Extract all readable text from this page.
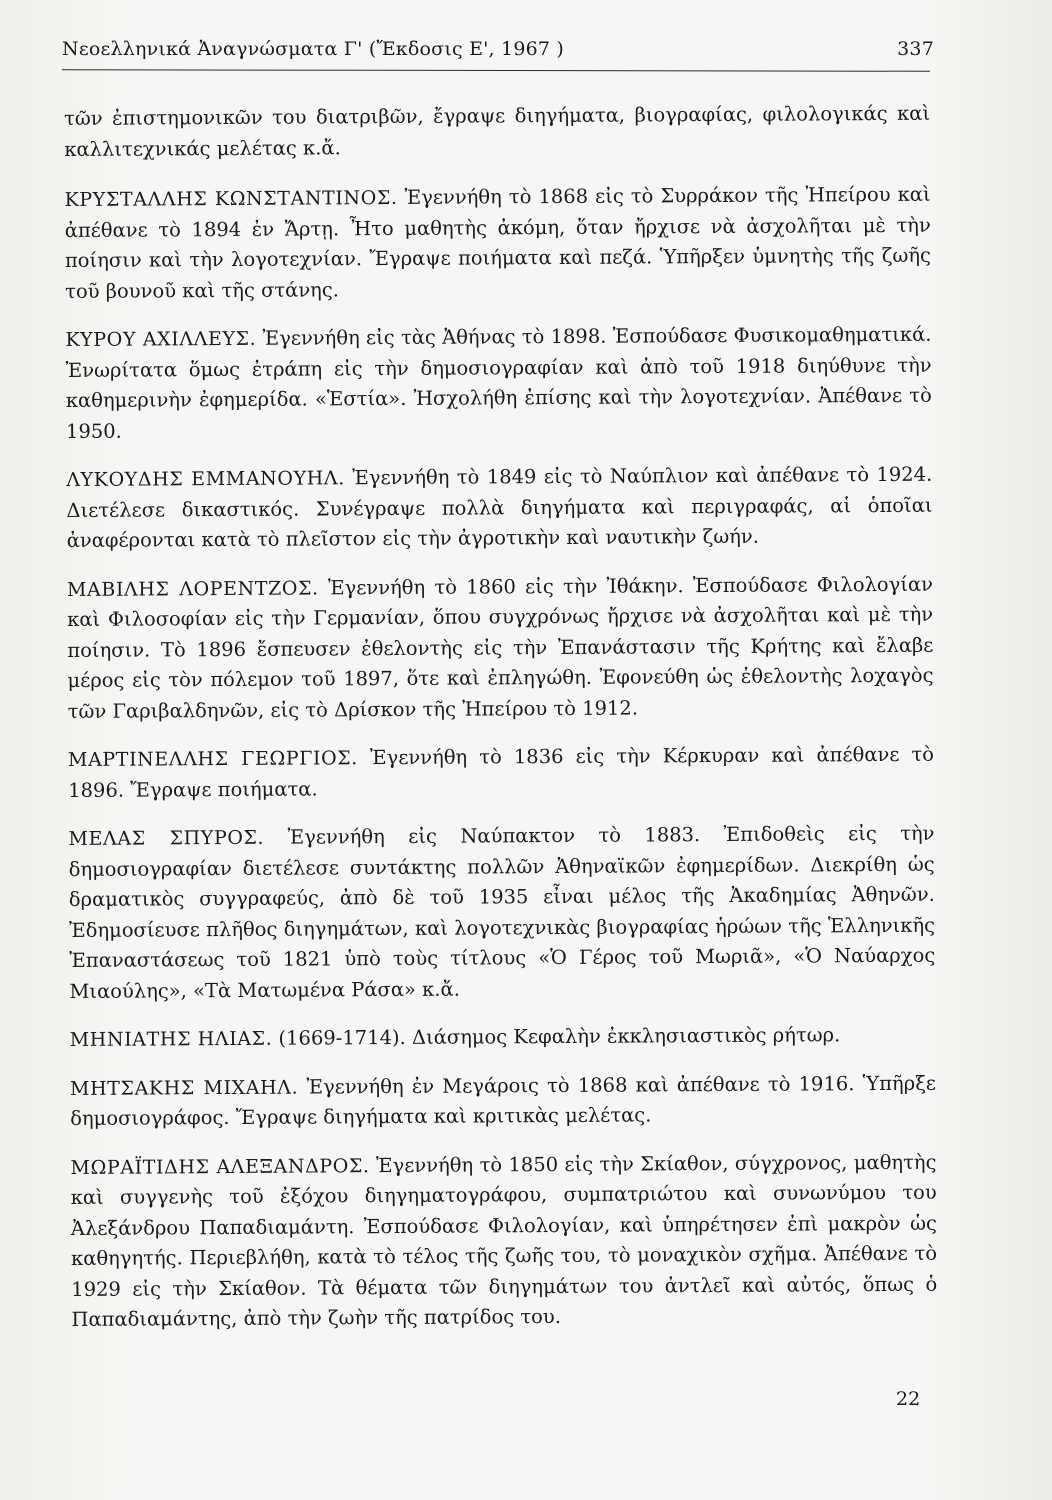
Νεοελληνικά Ἀναγνώσματα Γ' (Ἔκδοσις Ε', 1967 )	337

τῶν ἐπιστημονικῶν του διατριβῶν, ἔγραψε διηγήματα, βιογραφίας, φιλολογικάς καὶ καλλιτεχνικάς μελέτας κ.ἄ.

ΚΡΥΣΤΑΛΛΗΣ ΚΩΝΣΤΑΝΤΙΝΟΣ. Ἐγεννήθη τὸ 1868 εἰς τὸ Συρράκον τῆς Ἠπείρου καὶ ἀπέθανε τὸ 1894 ἐν Ἄρτῃ. Ἦτο μαθητὴς ἀκόμη, ὅταν ἤρχισε νὰ ἀσχολῆται μὲ τὴν ποίησιν καὶ τὴν λογοτεχνίαν. Ἔγραψε ποιήματα καὶ πεζά. Ὑπῆρξεν ὑμνητὴς τῆς ζωῆς τοῦ βουνοῦ καὶ τῆς στάνης.

ΚΥΡΟΥ ΑΧΙΛΛΕΥΣ. Ἐγεννήθη εἰς τὰς Ἀθήνας τὸ 1898. Ἐσπούδασε Φυσικομαθηματικά. Ἐνωρίτατα ὅμως ἐτράπη εἰς τὴν δημοσιογραφίαν καὶ ἀπὸ τοῦ 1918 διηύθυνε τὴν καθημερινὴν ἐφημερίδα. «Ἑστία». Ἠσχολήθη ἐπίσης καὶ τὴν λογοτεχνίαν. Ἀπέθανε τὸ 1950.

ΛΥΚΟΥΔΗΣ ΕΜΜΑΝΟΥΗΛ. Ἐγεννήθη τὸ 1849 εἰς τὸ Ναύπλιον καὶ ἀπέθανε τὸ 1924. Διετέλεσε δικαστικός. Συνέγραψε πολλὰ διηγήματα καὶ περιγραφάς, αἱ ὁποῖαι ἀναφέρονται κατὰ τὸ πλεῖστον εἰς τὴν ἀγροτικὴν καὶ ναυτικὴν ζωήν.

ΜΑΒΙΛΗΣ ΛΟΡΕΝΤΖΟΣ. Ἐγεννήθη τὸ 1860 εἰς τὴν Ἰθάκην. Ἐσπούδασε Φιλολογίαν καὶ Φιλοσοφίαν εἰς τὴν Γερμανίαν, ὅπου συγχρόνως ἤρχισε νὰ ἀσχολῆται καὶ μὲ τὴν ποίησιν. Τὸ 1896 ἔσπευσεν ἐθελοντὴς εἰς τὴν Ἐπανάστασιν τῆς Κρήτης καὶ ἔλαβε μέρος εἰς τὸν πόλεμον τοῦ 1897, ὅτε καὶ ἐπληγώθη. Ἐφονεύθη ὡς ἐθελοντὴς λοχαγὸς τῶν Γαριβαλδηνῶν, εἰς τὸ Δρίσκον τῆς Ἠπείρου τὸ 1912.

ΜΑΡΤΙΝΕΛΛΗΣ ΓΕΩΡΓΙΟΣ. Ἐγεννήθη τὸ 1836 εἰς τὴν Κέρκυραν καὶ ἀπέθανε τὸ 1896. Ἔγραψε ποιήματα.

ΜΕΛΑΣ ΣΠΥΡΟΣ. Ἐγεννήθη εἰς Ναύπακτον τὸ 1883. Ἐπιδοθεὶς εἰς τὴν δημοσιογραφίαν διετέλεσε συντάκτης πολλῶν Ἀθηναϊκῶν ἐφημερίδων. Διεκρίθη ὡς δραματικὸς συγγραφεύς, ἀπὸ δὲ τοῦ 1935 εἶναι μέλος τῆς Ἀκαδημίας Ἀθηνῶν. Ἐδημοσίευσε πλῆθος διηγημάτων, καὶ λογοτεχνικὰς βιογραφίας ἡρώων τῆς Ἑλληνικῆς Ἐπαναστάσεως τοῦ 1821 ὑπὸ τοὺς τίτλους «Ὁ Γέρος τοῦ Μωριᾶ», «Ὁ Ναύαρχος Μιαούλης», «Τὰ Ματωμένα Ράσα» κ.ἄ.

ΜΗΝΙΑΤΗΣ ΗΛΙΑΣ. (1669-1714). Διάσημος Κεφαλὴν ἐκκλησιαστικὸς ρήτωρ.

ΜΗΤΣΑΚΗΣ ΜΙΧΑΗΛ. Ἐγεννήθη ἐν Μεγάροις τὸ 1868 καὶ ἀπέθανε τὸ 1916. Ὑπῆρξε δημοσιογράφος. Ἔγραψε διηγήματα καὶ κριτικὰς μελέτας.

ΜΩΡΑΪΤΙΔΗΣ ΑΛΕΞΑΝΔΡΟΣ. Ἐγεννήθη τὸ 1850 εἰς τὴν Σκίαθον, σύγχρονος, μαθητὴς καὶ συγγενὴς τοῦ ἐξόχου διηγηματογράφου, συμπατριώτου καὶ συνωνύμου του Ἀλεξάνδρου Παπαδιαμάντη. Ἐσπούδασε Φιλολογίαν, καὶ ὑπηρέτησεν ἐπὶ μακρὸν ὡς καθηγητής. Περιεβλήθη, κατὰ τὸ τέλος τῆς ζωῆς του, τὸ μοναχικὸν σχῆμα. Ἀπέθανε τὸ 1929 εἰς τὴν Σκίαθον. Τὰ θέματα τῶν διηγημάτων του ἀντλεῖ καὶ αὐτός, ὅπως ὁ Παπαδιαμάντης, ἀπὸ τὴν ζωὴν τῆς πατρίδος του.

22
